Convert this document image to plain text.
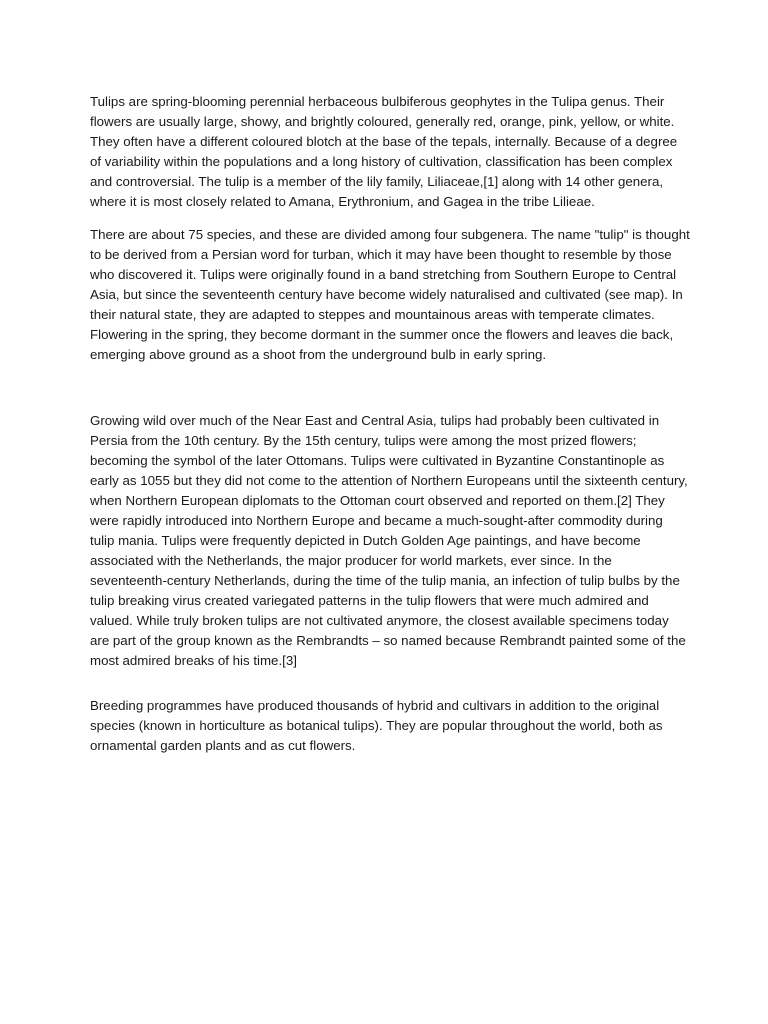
Tulips are spring-blooming perennial herbaceous bulbiferous geophytes in the Tulipa genus. Their flowers are usually large, showy, and brightly coloured, generally red, orange, pink, yellow, or white. They often have a different coloured blotch at the base of the tepals, internally. Because of a degree of variability within the populations and a long history of cultivation, classification has been complex and controversial. The tulip is a member of the lily family, Liliaceae,[1] along with 14 other genera, where it is most closely related to Amana, Erythronium, and Gagea in the tribe Lilieae.

There are about 75 species, and these are divided among four subgenera. The name "tulip" is thought to be derived from a Persian word for turban, which it may have been thought to resemble by those who discovered it. Tulips were originally found in a band stretching from Southern Europe to Central Asia, but since the seventeenth century have become widely naturalised and cultivated (see map). In their natural state, they are adapted to steppes and mountainous areas with temperate climates. Flowering in the spring, they become dormant in the summer once the flowers and leaves die back, emerging above ground as a shoot from the underground bulb in early spring.

Growing wild over much of the Near East and Central Asia, tulips had probably been cultivated in Persia from the 10th century. By the 15th century, tulips were among the most prized flowers; becoming the symbol of the later Ottomans. Tulips were cultivated in Byzantine Constantinople as early as 1055 but they did not come to the attention of Northern Europeans until the sixteenth century, when Northern European diplomats to the Ottoman court observed and reported on them.[2] They were rapidly introduced into Northern Europe and became a much-sought-after commodity during tulip mania. Tulips were frequently depicted in Dutch Golden Age paintings, and have become associated with the Netherlands, the major producer for world markets, ever since. In the seventeenth-century Netherlands, during the time of the tulip mania, an infection of tulip bulbs by the tulip breaking virus created variegated patterns in the tulip flowers that were much admired and valued. While truly broken tulips are not cultivated anymore, the closest available specimens today are part of the group known as the Rembrandts – so named because Rembrandt painted some of the most admired breaks of his time.[3]

Breeding programmes have produced thousands of hybrid and cultivars in addition to the original species (known in horticulture as botanical tulips). They are popular throughout the world, both as ornamental garden plants and as cut flowers.
